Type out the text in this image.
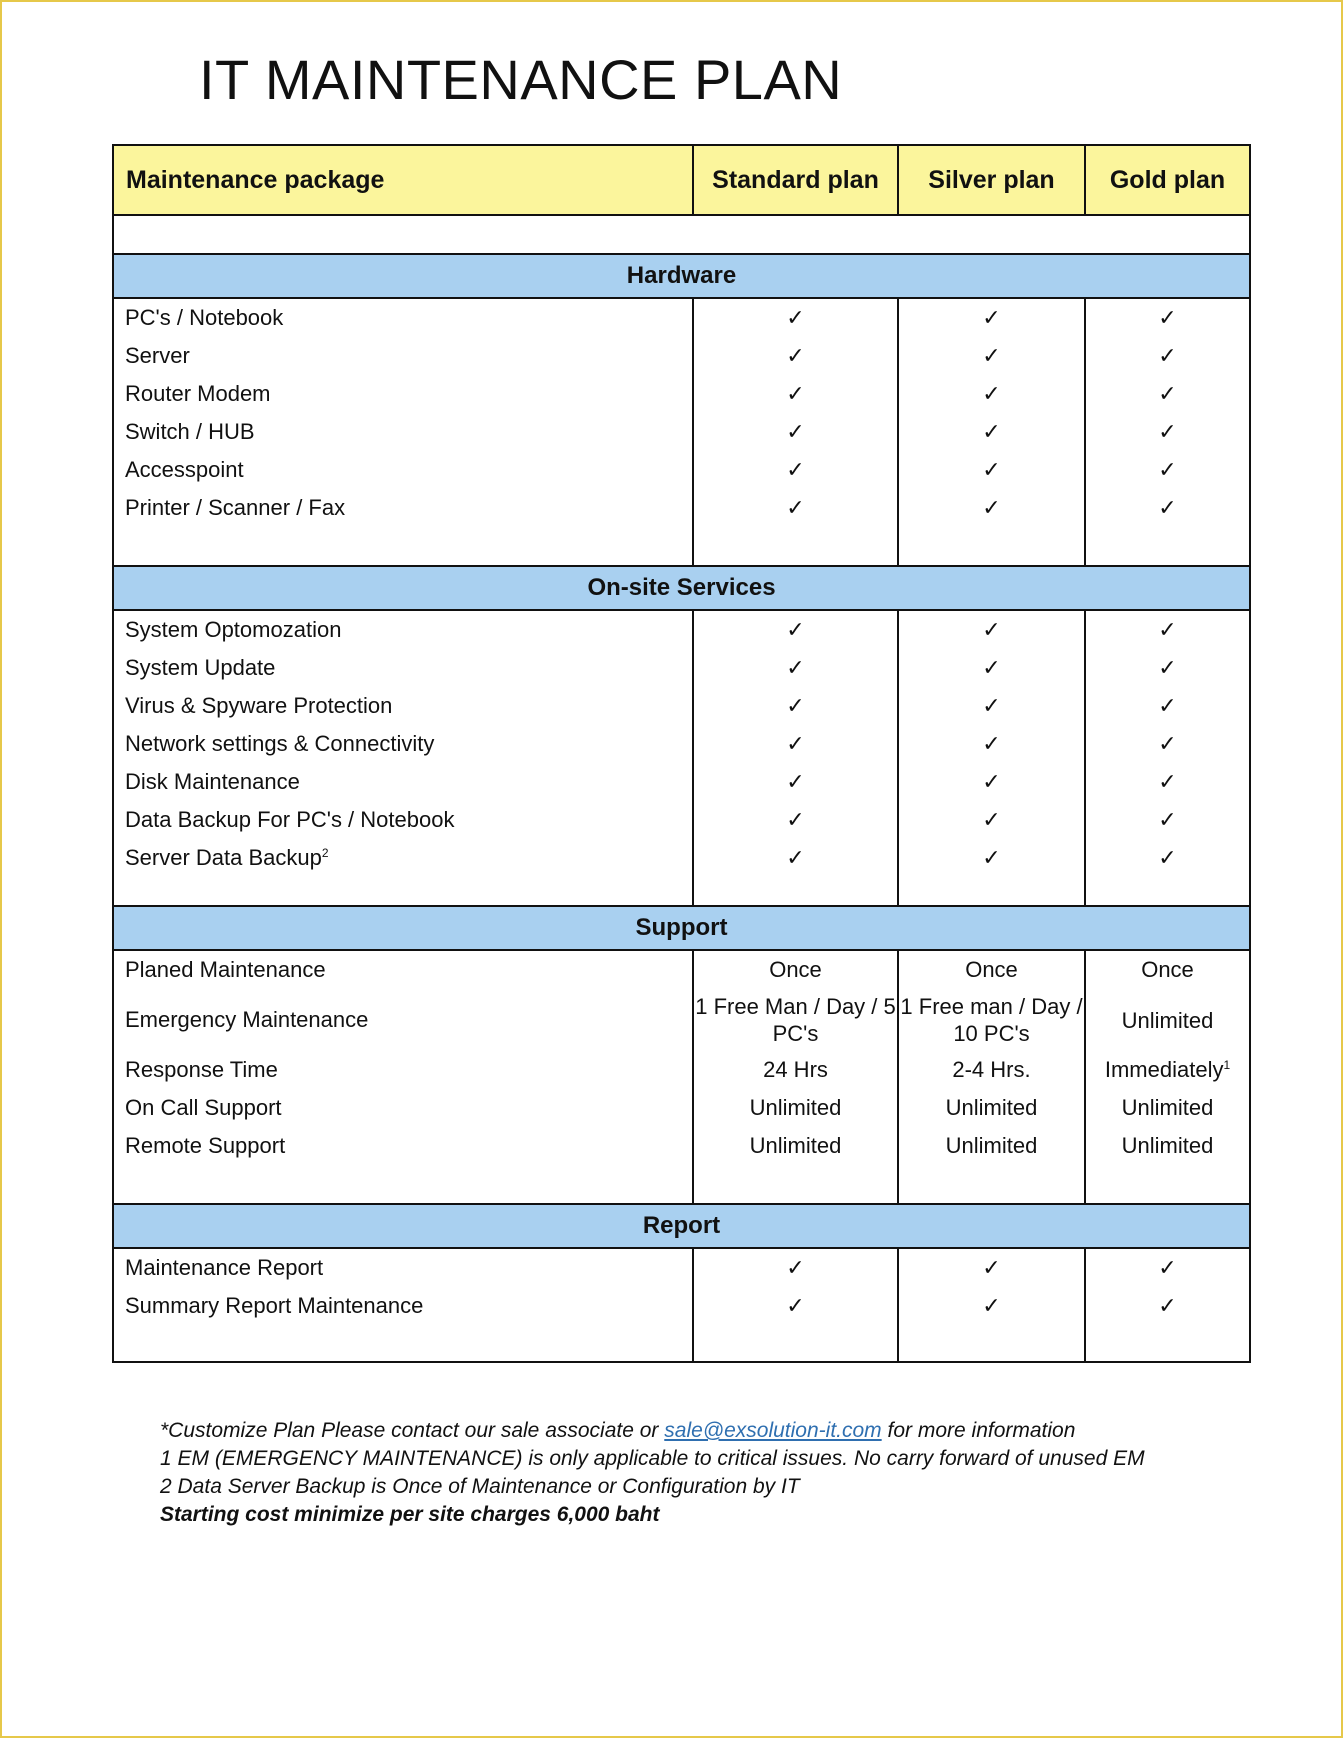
IT MAINTENANCE PLAN
Maintenance package	Standard plan	Silver plan	Gold plan

Hardware			
PC's / Notebook	✓	✓	✓
Server	✓	✓	✓
Router Modem	✓	✓	✓
Switch / HUB	✓	✓	✓
Accesspoint	✓	✓	✓
Printer / Scanner / Fax	✓	✓	✓

On-site Services			
System Optomozation	✓	✓	✓
System Update	✓	✓	✓
Virus & Spyware Protection	✓	✓	✓
Network settings & Connectivity	✓	✓	✓
Disk Maintenance	✓	✓	✓
Data Backup For PC's / Notebook	✓	✓	✓
Server Data Backup$^2$	✓	✓	✓

Support			
Planed Maintenance	Once	Once	Once
Emergency Maintenance	1 Free Man / Day / 5 PC's	1 Free man / Day / 10 PC's	Unlimited
Response Time	24 Hrs	2-4 Hrs.	Immediately$^1$
On Call Support	Unlimited	Unlimited	Unlimited
Remote Support	Unlimited	Unlimited	Unlimited

Report			
Maintenance Report	✓	✓	✓
Summary Report Maintenance	✓	✓	✓

*Customize Plan Please contact our sale associate or sale@exsolution-it.com for more information

1 EM (EMERGENCY MAINTENANCE) is only applicable to critical issues. No carry forward of unused EM

2 Data Server Backup is Once of Maintenance or Configuration by IT

Starting cost minimize per site charges 6,000 baht
